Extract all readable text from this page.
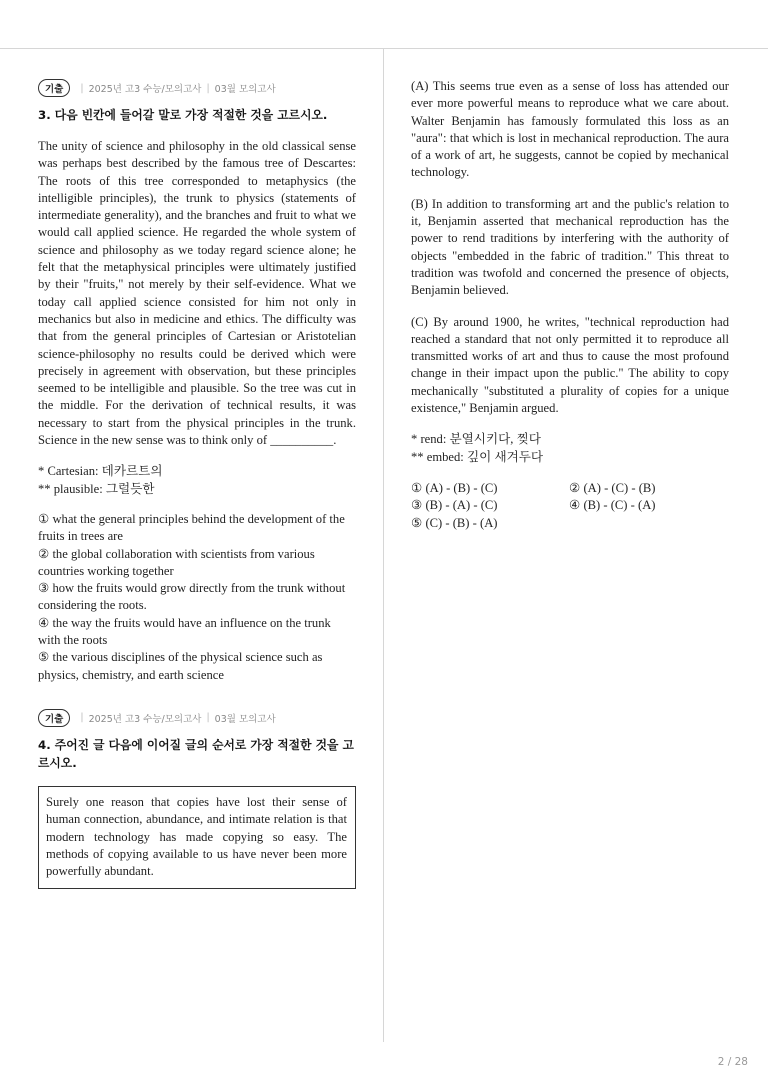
기출	| 2025년 고3 수능/모의고사 | 03월 모의고사
3. 다음 빈칸에 들어갈 말로 가장 적절한 것을 고르시오.

The unity of science and philosophy in the old classical sense was perhaps best described by the famous tree of Descartes: The roots of this tree corresponded to metaphysics (the intelligible principles), the trunk to physics (statements of intermediate generality), and the branches and fruit to what we would call applied science. He regarded the whole system of science and philosophy as we today regard science alone; he felt that the metaphysical principles were ultimately justified by their "fruits," not merely by their self-evidence. What we today call applied science consisted for him not only in mechanics but also in medicine and ethics. The difficulty was that from the general principles of Cartesian or Aristotelian science-philosophy no results could be derived which were precisely in agreement with observation, but these principles seemed to be intelligible and plausible. So the tree was cut in the middle. For the derivation of technical results, it was necessary to start from the physical principles in the trunk. Science in the new sense was to think only of __________.

* Cartesian: 데카르트의
** plausible: 그럴듯한
① what the general principles behind the development of the fruits in trees are
② the global collaboration with scientists from various countries working together
③ how the fruits would grow directly from the trunk without considering the roots.
④ the way the fruits would have an influence on the trunk with the roots
⑤ the various disciplines of the physical science such as physics, chemistry, and earth science
기출	| 2025년 고3 수능/모의고사 | 03월 모의고사
4. 주어진 글 다음에 이어질 글의 순서로 가장 적절한 것을 고르시오.
Surely one reason that copies have lost their sense of human connection, abundance, and intimate relation is that modern technology has made copying so easy. The methods of copying available to us have never been more powerfully abundant.

(A) This seems true even as a sense of loss has attended our ever more powerful means to reproduce what we care about. Walter Benjamin has famously formulated this loss as an "aura": that which is lost in mechanical reproduction. The aura of a work of art, he suggests, cannot be copied by mechanical technology.

(B) In addition to transforming art and the public's relation to it, Benjamin asserted that mechanical reproduction has the power to rend traditions by interfering with the authority of objects "embedded in the fabric of tradition." This threat to tradition was twofold and concerned the presence of objects, Benjamin believed.

(C) By around 1900, he writes, "technical reproduction had reached a standard that not only permitted it to reproduce all transmitted works of art and thus to cause the most profound change in their impact upon the public." The ability to copy mechanically "substituted a plurality of copies for a unique existence," Benjamin argued.

* rend: 분열시키다, 찢다
** embed: 깊이 새겨두다
① (A) - (B) - (C)	② (A) - (C) - (B)
③ (B) - (A) - (C)	④ (B) - (C) - (A)
⑤ (C) - (B) - (A)
2 / 28
